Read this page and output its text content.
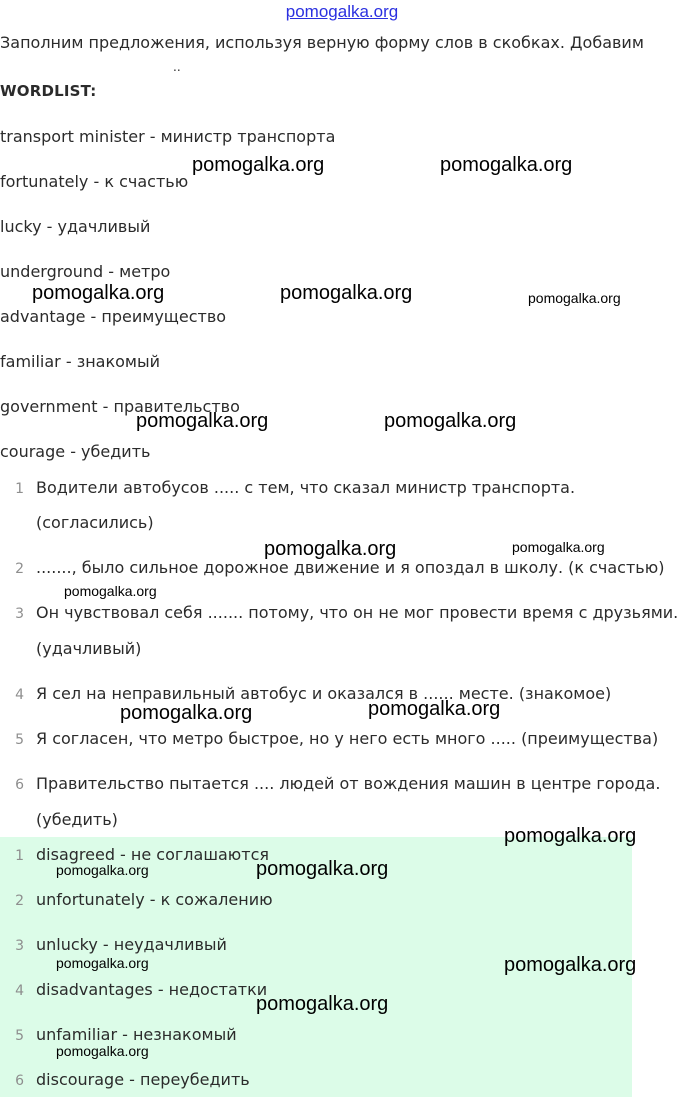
pomogalka.org
Заполним предложения, используя верную форму слов в скобках. Добавим
..
WORDLIST:
transport minister - министр транспорта
fortunately - к счастью
lucky - удачливый
underground - метро
advantage - преимущество
familiar - знакомый
government - правительство
courage - убедить
1 Водители автобусов ..... с тем, что сказал министр транспорта.
(согласились)
2 ......., было сильное дорожное движение и я опоздал в школу. (к счастью)
3 Он чувствовал себя ....... потому, что он не мог провести время с друзьями.
(удачливый)
4 Я сел на неправильный автобус и оказался в ...... месте. (знакомое)
5 Я согласен, что метро быстрое, но у него есть много ..... (преимущества)
6 Правительство пытается .... людей от вождения машин в центре города.
(убедить)
1 disagreed - не соглашаются
2 unfortunately - к сожалению
3 unlucky - неудачливый
4 disadvantages - недостатки
5 unfamiliar - незнакомый
6 discourage - переубедить
pomogalka.org	pomogalka.org
pomogalka.org	pomogalka.org	pomogalka.org
pomogalka.org	pomogalka.org
pomogalka.org	pomogalka.org
pomogalka.org
pomogalka.org	pomogalka.org
pomogalka.org
pomogalka.org	pomogalka.org
pomogalka.org	pomogalka.org
pomogalka.org
pomogalka.org
